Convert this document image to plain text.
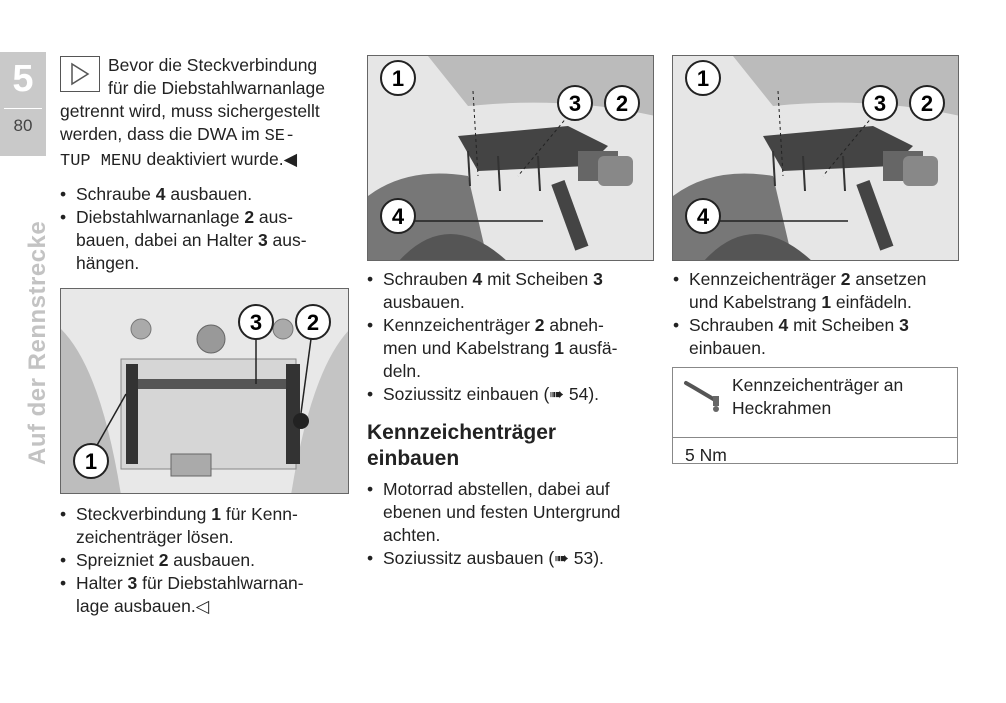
5
80
Auf der Rennstrecke
Bevor die Steckverbindung
für die Diebstahlwarnanlage
getrennt wird, muss sichergestellt
werden, dass die DWA im SE-
TUP MENU deaktiviert wurde.◀
• Schraube 4 ausbauen.
• Diebstahlwarnanlage 2 aus-
bauen, dabei an Halter 3 aus-
hängen.
3 2
1
• Steckverbindung 1 für Kenn-
zeichenträger lösen.
• Spreizniet 2 ausbauen.
• Halter 3 für Diebstahlwarnan-
lage ausbauen.◁
1
3 2
4
• Schrauben 4 mit Scheiben 3
ausbauen.
• Kennzeichenträger 2 abneh-
men und Kabelstrang 1 ausfä-
deln.
• Soziussitz einbauen (➠ 54).
Kennzeichenträger
einbauen
• Motorrad abstellen, dabei auf
ebenen und festen Untergrund
achten.
• Soziussitz ausbauen (➠ 53).
1
3 2
4
• Kennzeichenträger 2 ansetzen
und Kabelstrang 1 einfädeln.
• Schrauben 4 mit Scheiben 3
einbauen.
Kennzeichenträger an
Heckrahmen
5 Nm
